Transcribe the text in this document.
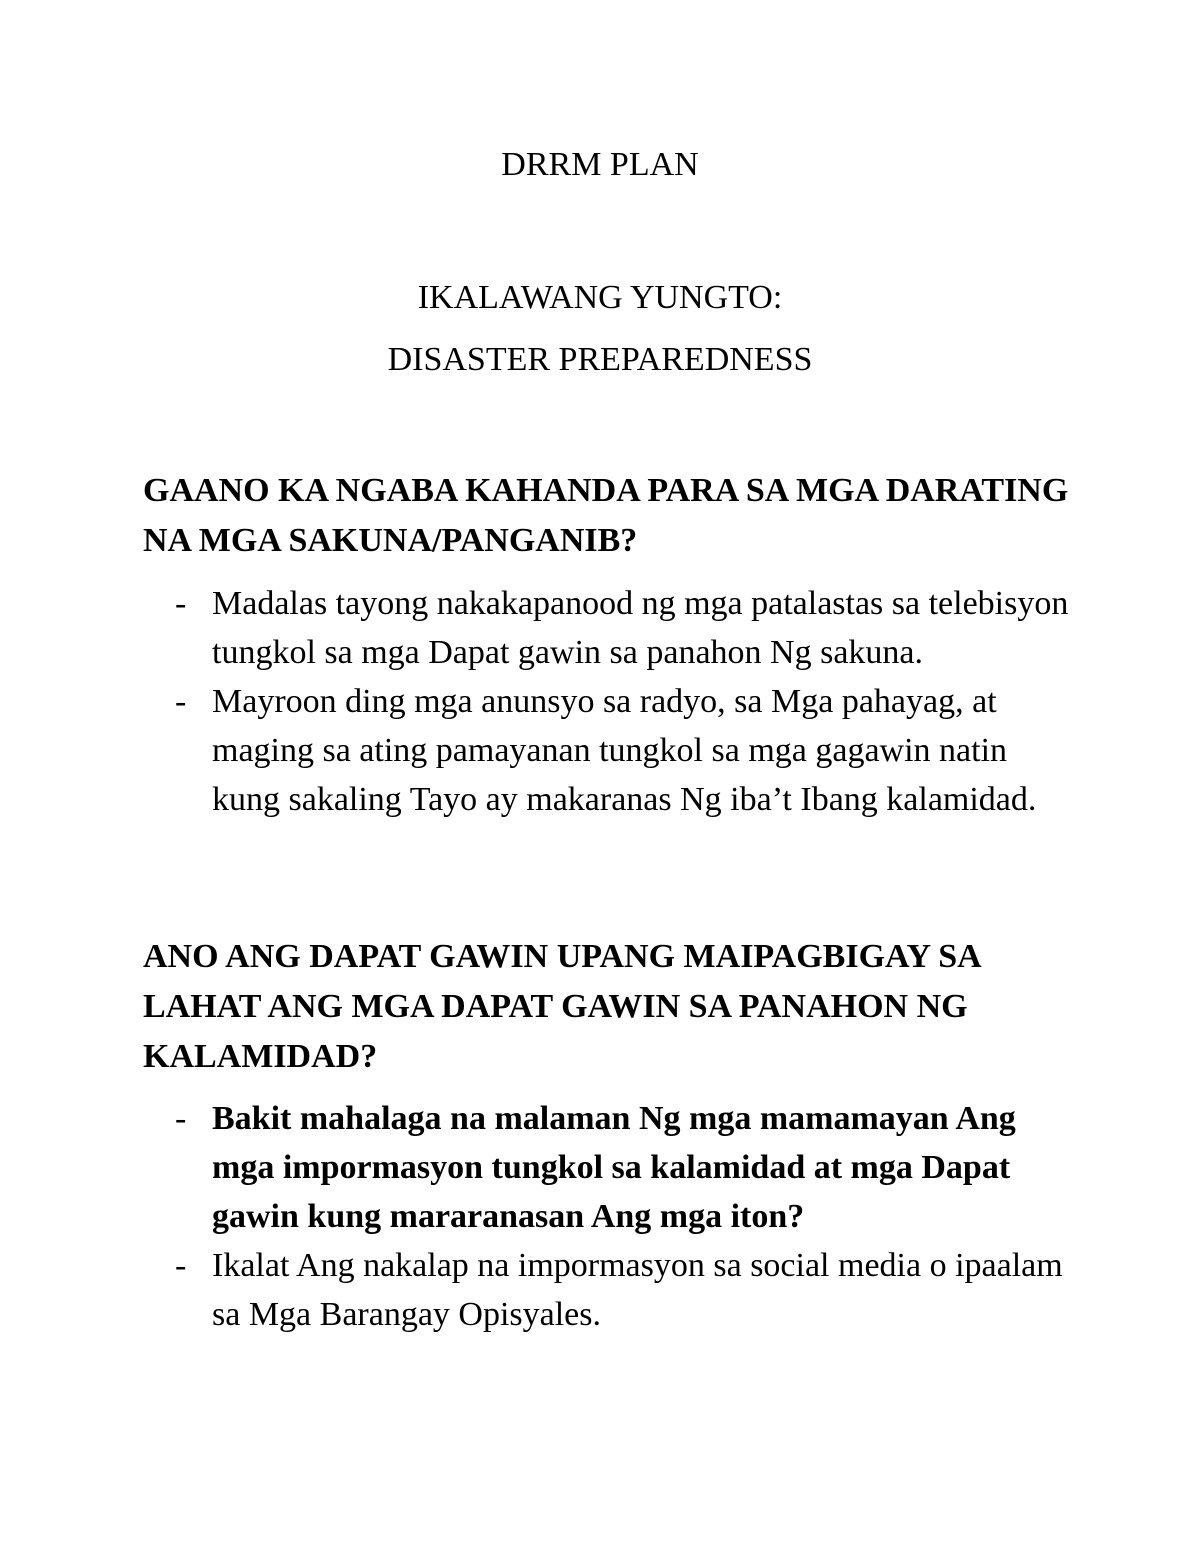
DRRM PLAN
IKALAWANG YUNGTO:
DISASTER PREPAREDNESS
GAANO KA NGABA KAHANDA PARA SA MGA DARATING NA MGA SAKUNA/PANGANIB?
- Madalas tayong nakakapanood ng mga patalastas sa telebisyon tungkol sa mga Dapat gawin sa panahon Ng sakuna.
- Mayroon ding mga anunsyo sa radyo, sa Mga pahayag, at maging sa ating pamayanan tungkol sa mga gagawin natin kung sakaling Tayo ay makaranas Ng iba’t Ibang kalamidad.
ANO ANG DAPAT GAWIN UPANG MAIPAGBIGAY SA LAHAT ANG MGA DAPAT GAWIN SA PANAHON NG KALAMIDAD?
- Bakit mahalaga na malaman Ng mga mamamayan Ang mga impormasyon tungkol sa kalamidad at mga Dapat gawin kung mararanasan Ang mga iton?
- Ikalat Ang nakalap na impormasyon sa social media o ipaalam sa Mga Barangay Opisyales.
